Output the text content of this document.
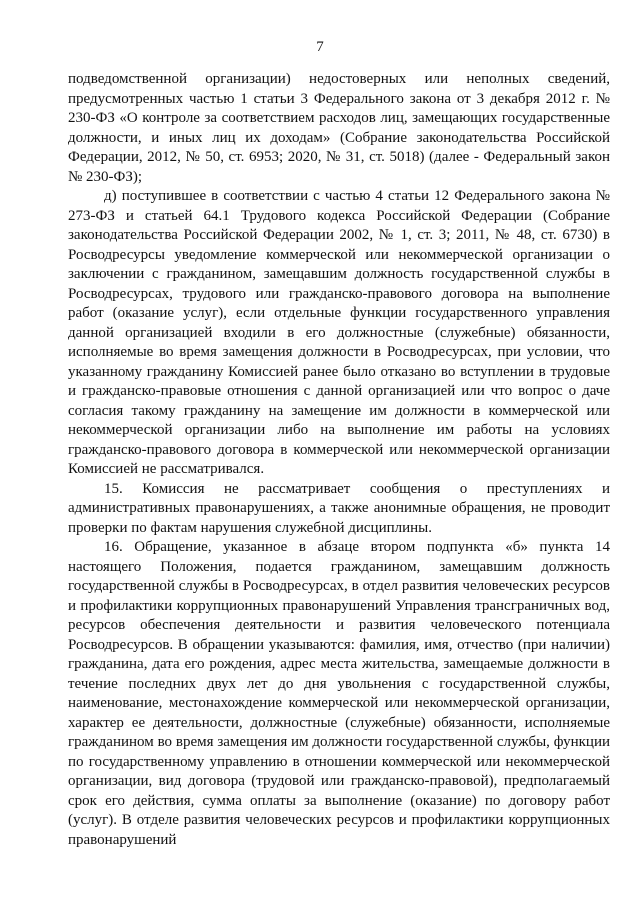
7

подведомственной организации) недостоверных или неполных сведений, предусмотренных частью 1 статьи 3 Федерального закона от 3 декабря 2012 г. № 230-ФЗ «О контроле за соответствием расходов лиц, замещающих государственные должности, и иных лиц их доходам» (Собрание законодательства Российской Федерации, 2012, № 50, ст. 6953; 2020, № 31, ст. 5018) (далее - Федеральный закон № 230-ФЗ);

д) поступившее в соответствии с частью 4 статьи 12 Федерального закона № 273-ФЗ и статьей 64.1 Трудового кодекса Российской Федерации (Собрание законодательства Российской Федерации 2002, № 1, ст. 3; 2011, № 48, ст. 6730) в Росводресурсы уведомление коммерческой или некоммерческой организации о заключении с гражданином, замещавшим должность государственной службы в Росводресурсах, трудового или гражданско-правового договора на выполнение работ (оказание услуг), если отдельные функции государственного управления данной организацией входили в его должностные (служебные) обязанности, исполняемые во время замещения должности в Росводресурсах, при условии, что указанному гражданину Комиссией ранее было отказано во вступлении в трудовые и гражданско-правовые отношения с данной организацией или что вопрос о даче согласия такому гражданину на замещение им должности в коммерческой или некоммерческой организации либо на выполнение им работы на условиях гражданско-правового договора в коммерческой или некоммерческой организации Комиссией не рассматривался.

15. Комиссия не рассматривает сообщения о преступлениях и административных правонарушениях, а также анонимные обращения, не проводит проверки по фактам нарушения служебной дисциплины.

16. Обращение, указанное в абзаце втором подпункта «б» пункта 14 настоящего Положения, подается гражданином, замещавшим должность государственной службы в Росводресурсах, в отдел развития человеческих ресурсов и профилактики коррупционных правонарушений Управления трансграничных вод, ресурсов обеспечения деятельности и развития человеческого потенциала Росводресурсов. В обращении указываются: фамилия, имя, отчество (при наличии) гражданина, дата его рождения, адрес места жительства, замещаемые должности в течение последних двух лет до дня увольнения с государственной службы, наименование, местонахождение коммерческой или некоммерческой организации, характер ее деятельности, должностные (служебные) обязанности, исполняемые гражданином во время замещения им должности государственной службы, функции по государственному управлению в отношении коммерческой или некоммерческой организации, вид договора (трудовой или гражданско-правовой), предполагаемый срок его действия, сумма оплаты за выполнение (оказание) по договору работ (услуг). В отделе развития человеческих ресурсов и профилактики коррупционных правонарушений
